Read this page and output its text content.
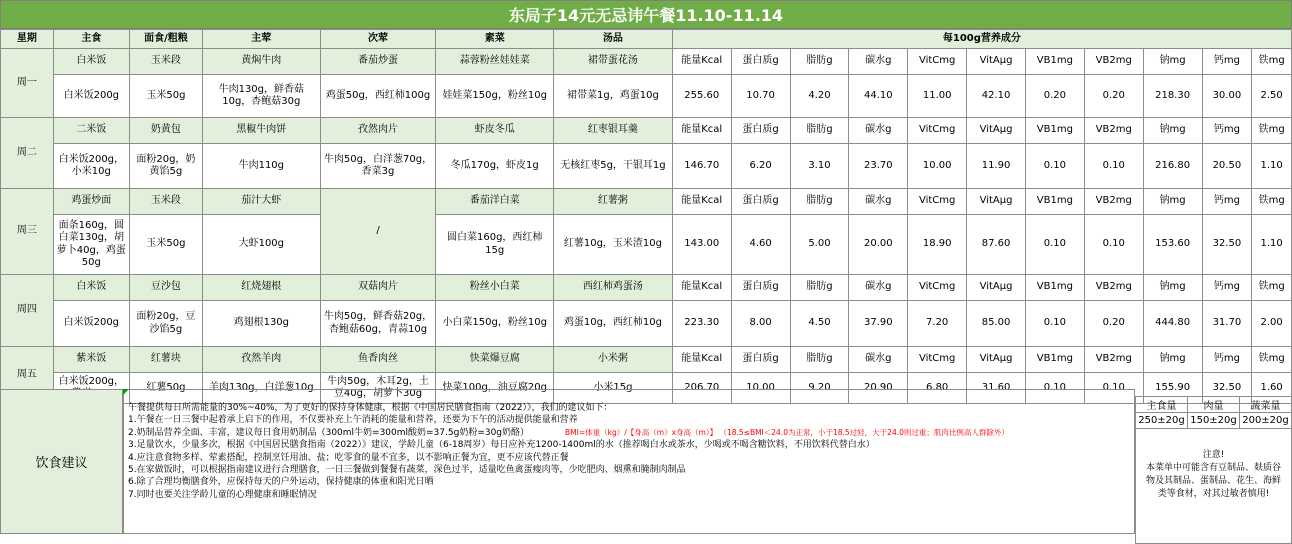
东局子14元无忌讳午餐11.10-11.14
星期	主食	面食/粗粮	主荤	次荤	素菜	汤品	每100g营养成分										
周一	白米饭	玉米段	黄焖牛肉	番茄炒蛋	蒜蓉粉丝娃娃菜	裙带蛋花汤	能量Kcal	蛋白质g	脂肪g	碳水g	VitCmg	VitAμg	VB1mg	VB2mg	钠mg	钙mg	铁mg
	白米饭200g	玉米50g	牛肉130g，鲜香菇10g，杏鲍菇30g	鸡蛋50g，西红柿100g	娃娃菜150g，粉丝10g	裙带菜1g，鸡蛋10g	255.60	10.70	4.20	44.10	11.00	42.10	0.20	0.20	218.30	30.00	2.50
周二	二米饭	奶黄包	黑椒牛肉饼	孜然肉片	虾皮冬瓜	红枣银耳羹	能量Kcal	蛋白质g	脂肪g	碳水g	VitCmg	VitAμg	VB1mg	VB2mg	钠mg	钙mg	铁mg
	白米饭200g，小米10g	面粉20g，奶黄馅5g	牛肉110g	牛肉50g，白洋葱70g，香菜3g	冬瓜170g，虾皮1g	无核红枣5g，干银耳1g	146.70	6.20	3.10	23.70	10.00	11.90	0.10	0.10	216.80	20.50	1.10
周三	鸡蛋炒面	玉米段	茄汁大虾	/	番茄洋白菜	红薯粥	能量Kcal	蛋白质g	脂肪g	碳水g	VitCmg	VitAμg	VB1mg	VB2mg	钠mg	钙mg	铁mg
	面条160g，圆白菜130g，胡萝卜40g，鸡蛋50g	玉米50g	大虾100g		圆白菜160g，西红柿15g	红薯10g，玉米渣10g	143.00	4.60	5.00	20.00	18.90	87.60	0.10	0.10	153.60	32.50	1.10
周四	白米饭	豆沙包	红烧翅根	双菇肉片	粉丝小白菜	西红柿鸡蛋汤	能量Kcal	蛋白质g	脂肪g	碳水g	VitCmg	VitAμg	VB1mg	VB2mg	钠mg	钙mg	铁mg
	白米饭200g	面粉20g，豆沙馅5g	鸡翅根130g	牛肉50g，鲜香菇20g，杏鲍菇60g，青蒜10g	小白菜150g，粉丝10g	鸡蛋10g，西红柿10g	223.30	8.00	4.50	37.90	7.20	85.00	0.10	0.20	444.80	31.70	2.00
周五	紫米饭	红薯块	孜然羊肉	鱼香肉丝	快菜爆豆腐	小米粥	能量Kcal	蛋白质g	脂肪g	碳水g	VitCmg	VitAμg	VB1mg	VB2mg	钠mg	钙mg	铁mg
	白米饭200g，	红薯50g	羊肉130g，白洋葱10g	牛肉50g，木耳2g，土豆40g，胡萝卜30g	快菜100g，油豆腐20g	小米15g	206.70	10.00	9.20	20.90	6.80	31.60	0.10	0.10	155.90	32.50	1.60
饮食建议
午餐提供每日所需能量的30%~40%，为了更好的保持身体健康，根据《中国居民膳食指南（2022）》，我们的建议如下：
1.午餐在一日三餐中起着承上启下的作用，不仅要补充上午消耗的能量和营养，还要为下午的活动提供能量和营养
2.奶制品营养全面、丰富，建议每日食用奶制品（300ml牛奶=300ml酸奶=37.5g奶粉=30g奶酪）	BMI=体重（kg）/【身高（m）x身高（m）】 （18.5≤BMI＜24.0为正常，小于18.5过轻，大于24.0则过重；肌肉比例高人群除外）
3.足量饮水，少量多次，根据《中国居民膳食指南（2022）》建议，学龄儿童（6-18周岁）每日应补充1200-1400ml的水（推荐喝白水或茶水，少喝或不喝含糖饮料，不用饮料代替白水）
4.应注意食物多样、荤素搭配，控制烹饪用油、盐；吃零食的量不宜多，以不影响正餐为宜，更不应该代替正餐
5.在家做饭时，可以根据指南建议进行合理膳食，一日三餐做到餐餐有蔬菜，深色过半，适量吃鱼禽蛋瘦肉等，少吃肥肉、烟熏和腌制肉制品
6.除了合理均衡膳食外，应保持每天的户外运动，保持健康的体重和阳光日晒
7.同时也要关注学龄儿童的心理健康和睡眠情况

主食量	肉量	蔬菜量
250±20g	150±20g	200±20g
注意!
本菜单中可能含有豆制品、麸质谷
物及其制品、蛋制品、花生、海鲜
类等食材，对其过敏者慎用!
